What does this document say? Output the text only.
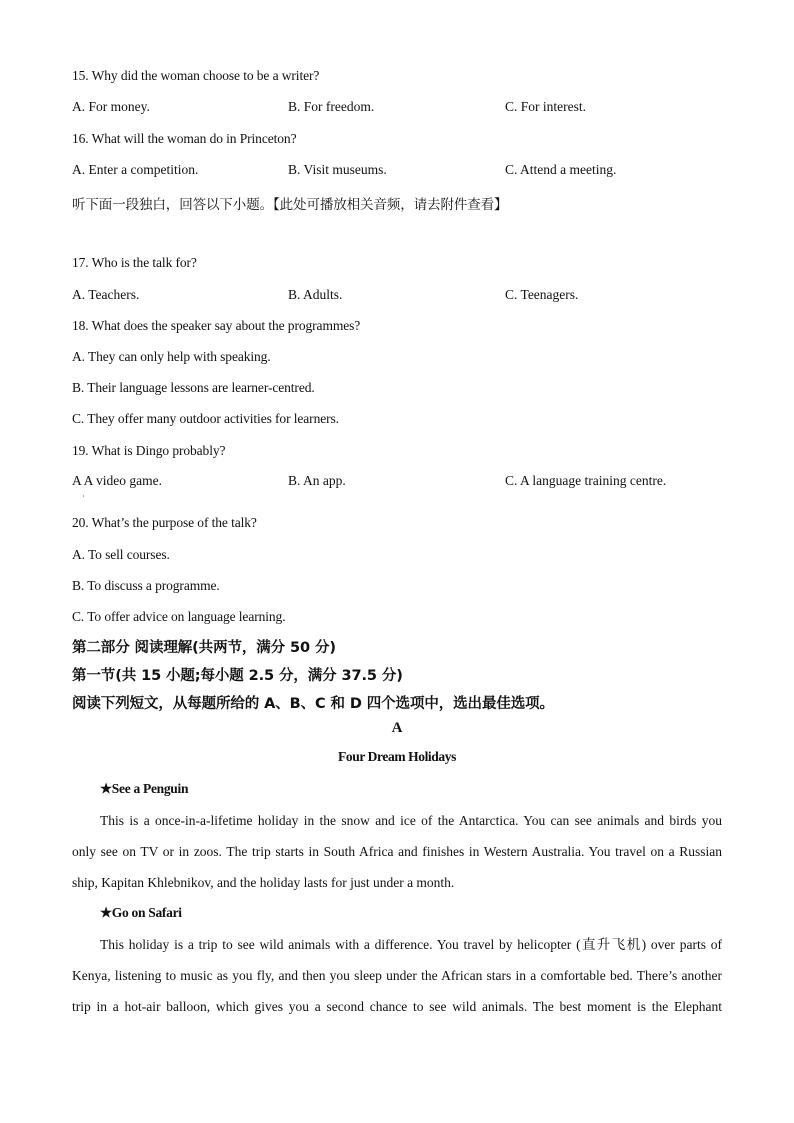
15. Why did the woman choose to be a writer?
A. For money.	B. For freedom.	C. For interest.
16. What will the woman do in Princeton?
A. Enter a competition.	B. Visit museums.	C. Attend a meeting.
听下面一段独白，回答以下小题。【此处可播放相关音频，请去附件查看】
17. Who is the talk for?
A. Teachers.	B. Adults.	C. Teenagers.
18. What does the speaker say about the programmes?
A. They can only help with speaking.
B. Their language lessons are learner-centred.
C. They offer many outdoor activities for learners.
19. What is Dingo probably?
A A video game.
·
B. An app.	C. A language training centre.
20. What’s the purpose of the talk?
A. To sell courses.
B. To discuss a programme.
C. To offer advice on language learning.
第二部分 阅读理解(共两节，满分 50 分)
第一节(共 15 小题;每小题 2.5 分，满分 37.5 分)
阅读下列短文，从每题所给的 A、B、C 和 D 四个选项中，选出最佳选项。
A
Four Dream Holidays
★See a Penguin

This is a once-in-a-lifetime holiday in the snow and ice of the Antarctica. You can see animals and birds you

only see on TV or in zoos. The trip starts in South Africa and finishes in Western Australia. You travel on a Russian

ship, Kapitan Khlebnikov, and the holiday lasts for just under a month.

★Go on Safari

This holiday is a trip to see wild animals with a difference. You travel by helicopter (直升飞机) over parts of

Kenya, listening to music as you fly, and then you sleep under the African stars in a comfortable bed. There’s another

trip in a hot-air balloon, which gives you a second chance to see wild animals. The best moment is the Elephant
